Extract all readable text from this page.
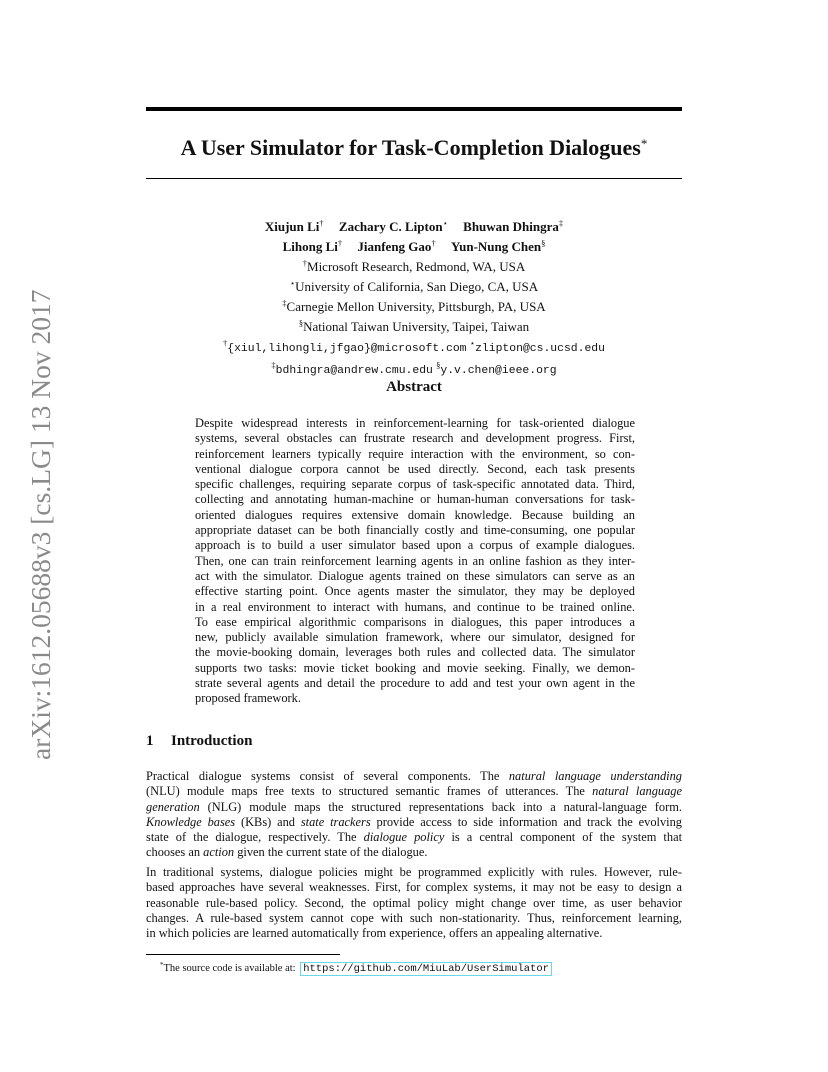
arXiv:1612.05688v3 [cs.LG] 13 Nov 2017
A User Simulator for Task-Completion Dialogues*
Xiujun Li† Zachary C. Lipton⋆ Bhuwan Dhingra‡
Lihong Li† Jianfeng Gao† Yun-Nung Chen§
†Microsoft Research, Redmond, WA, USA
⋆University of California, San Diego, CA, USA
‡Carnegie Mellon University, Pittsburgh, PA, USA
§National Taiwan University, Taipei, Taiwan
†{xiul,lihongli,jfgao}@microsoft.com ⋆zlipton@cs.ucsd.edu
‡bdhingra@andrew.cmu.edu §y.v.chen@ieee.org
Abstract
Despite widespread interests in reinforcement-learning for task-oriented dialogue
systems, several obstacles can frustrate research and development progress. First,
reinforcement learners typically require interaction with the environment, so con-
ventional dialogue corpora cannot be used directly. Second, each task presents
specific challenges, requiring separate corpus of task-specific annotated data. Third,
collecting and annotating human-machine or human-human conversations for task-
oriented dialogues requires extensive domain knowledge. Because building an
appropriate dataset can be both financially costly and time-consuming, one popular
approach is to build a user simulator based upon a corpus of example dialogues.
Then, one can train reinforcement learning agents in an online fashion as they inter-
act with the simulator. Dialogue agents trained on these simulators can serve as an
effective starting point. Once agents master the simulator, they may be deployed
in a real environment to interact with humans, and continue to be trained online.
To ease empirical algorithmic comparisons in dialogues, this paper introduces a
new, publicly available simulation framework, where our simulator, designed for
the movie-booking domain, leverages both rules and collected data. The simulator
supports two tasks: movie ticket booking and movie seeking. Finally, we demon-
strate several agents and detail the procedure to add and test your own agent in the
proposed framework.
1 Introduction
Practical dialogue systems consist of several components. The natural language understanding
(NLU) module maps free texts to structured semantic frames of utterances. The natural language
generation (NLG) module maps the structured representations back into a natural-language form.
Knowledge bases (KBs) and state trackers provide access to side information and track the evolving
state of the dialogue, respectively. The dialogue policy is a central component of the system that
chooses an action given the current state of the dialogue.
In traditional systems, dialogue policies might be programmed explicitly with rules. However, rule-
based approaches have several weaknesses. First, for complex systems, it may not be easy to design a
reasonable rule-based policy. Second, the optimal policy might change over time, as user behavior
changes. A rule-based system cannot cope with such non-stationarity. Thus, reinforcement learning,
in which policies are learned automatically from experience, offers an appealing alternative.
*The source code is available at: https://github.com/MiuLab/UserSimulator
